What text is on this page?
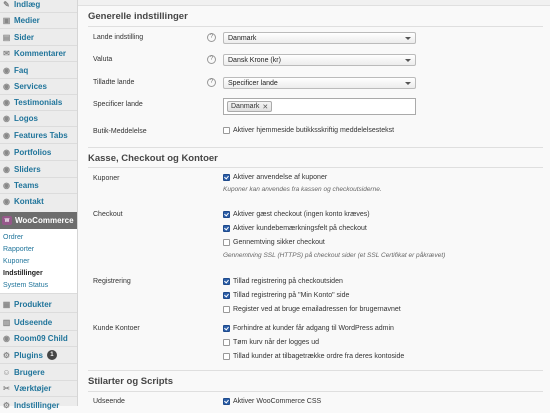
✎ Indlæg
▣ Medier
▤ Sider
✉ Kommentarer
◉ Faq
◉ Services
◉ Testimonials
◉ Logos
◉ Features Tabs
◉ Portfolios
◉ Sliders
◉ Teams
◉ Kontakt
W WooCommerce
Ordrer
Rapporter
Kuponer
Indstillinger
System Status
▦ Produkter
▥ Udseende
◉ Room09 Child
⚙ Plugins	1
☺ Brugere
✂ Værktøjer
⚙ Indstillinger
Generelle indstillinger
Lande indstilling	?	Danmark
Valuta	?	Dansk Krone (kr)
Tilladte lande	?	Specificer lande
Specificer lande	Danmark ✕
Butik-Meddelelse	Aktiver hjemmeside butikksskriftig meddelelsestekst
Kasse, Checkout og Kontoer
Kuponer	Aktiver anvendelse af kuponer
Kuponer kan anvendes fra kassen og checkoutsiderne.
Checkout	Aktiver gæst checkout (ingen konto kræves)
Aktiver kundebemærkningsfelt på checkout
Gennemtving sikker checkout
Gennemtving SSL (HTTPS) på checkout sider (et SSL Certifikat er påkrævet)
Registrering	Tillad registrering på checkoutsiden
Tillad registrering på "Min Konto" side
Register ved at bruge emailadressen for brugernavnet
Kunde Kontoer	Forhindre at kunder får adgang til WordPress admin
Tøm kurv når der logges ud
Tillad kunder at tilbagetrække ordre fra deres kontoside
Stilarter og Scripts
Udseende	Aktiver WooCommerce CSS
